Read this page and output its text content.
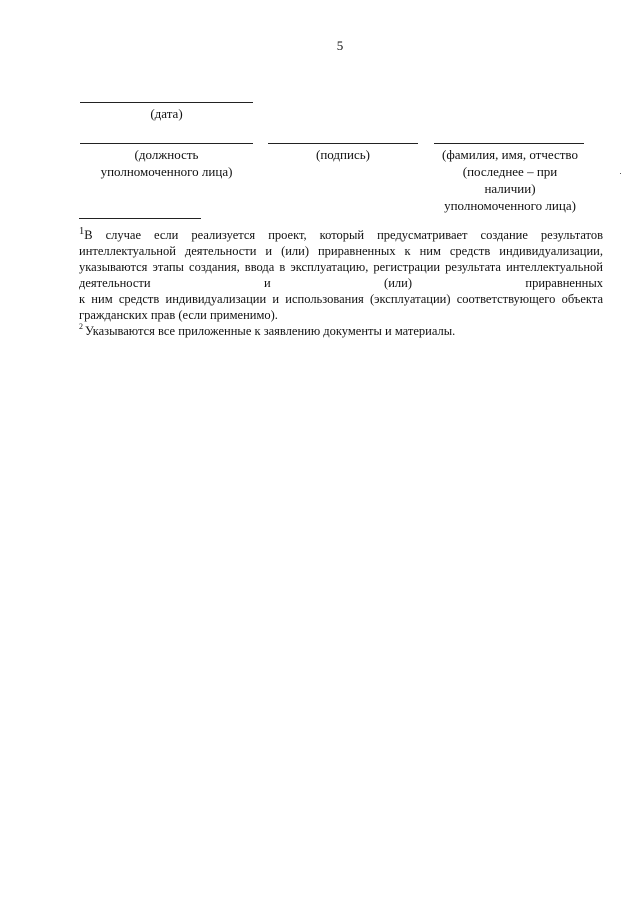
5
(дата)
(должность
уполномоченного лица)
(подпись)	(фамилия, имя, отчество
(последнее – при
наличии)
уполномоченного лица)

$^1$В случае если реализуется проект, который предусматривает создание результатов интеллектуальной деятельности и (или) приравненных к ним средств индивидуализации, указываются этапы создания, ввода в эксплуатацию, регистрации результата интеллектуальной деятельности и (или) приравненных

к ним средств индивидуализации и использования (эксплуатации) соответствующего объекта гражданских прав (если применимо).

$^2$ Указываются все приложенные к заявлению документы и материалы.
